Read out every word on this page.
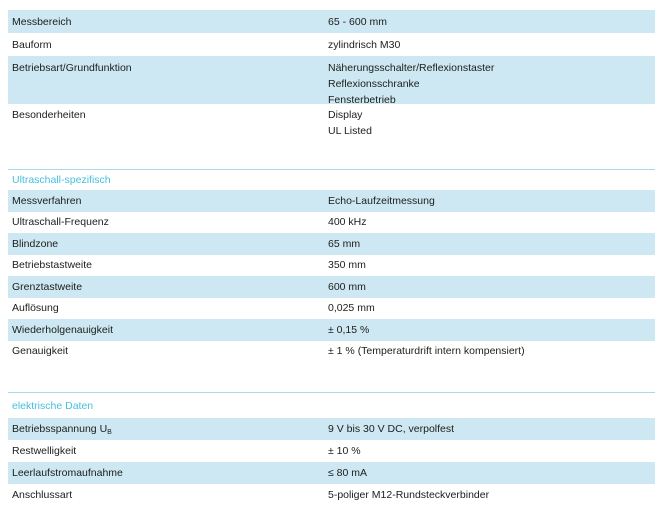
Messbereich	65 - 600 mm
Bauform	zylindrisch M30
Betriebsart/Grundfunktion	Näherungsschalter/Reflexionstaster
Reflexionsschranke
Fensterbetrieb
Besonderheiten	Display
UL Listed
Ultraschall-spezifisch
Messverfahren	Echo-Laufzeitmessung
Ultraschall-Frequenz	400 kHz
Blindzone	65 mm
Betriebstastweite	350 mm
Grenztastweite	600 mm
Auflösung	0,025 mm
Wiederholgenauigkeit	± 0,15 %
Genauigkeit	± 1 % (Temperaturdrift intern kompensiert)
elektrische Daten
Betriebsspannung $U_B$	9 V bis 30 V DC, verpolfest
Restwelligkeit	± 10 %
Leerlaufstromaufnahme	≤ 80 mA
Anschlussart	5-poliger M12-Rundsteckverbinder
